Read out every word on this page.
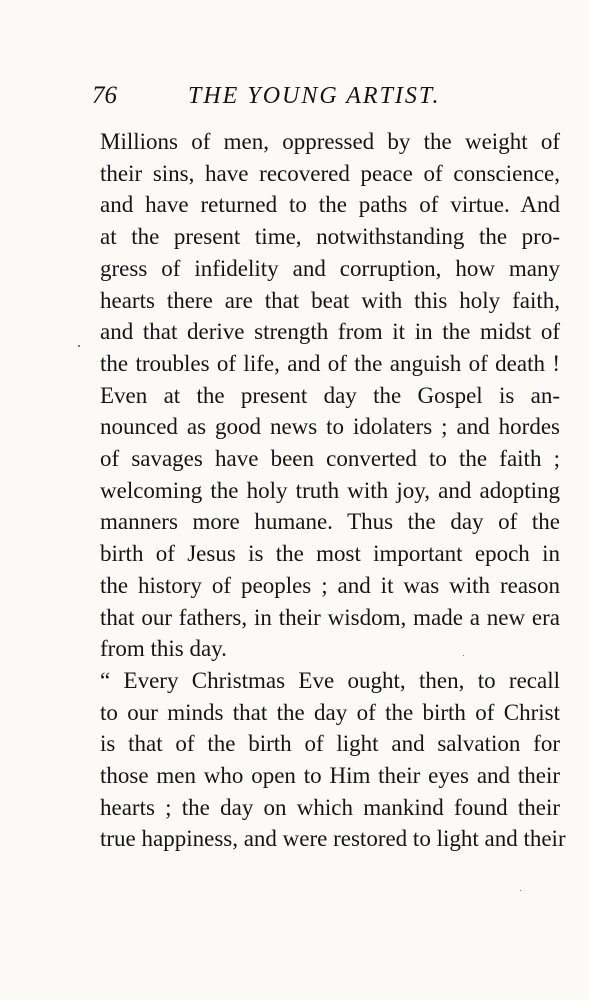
76	THE YOUNG ARTIST.
Millions of men, oppressed by the weight of
their sins, have recovered peace of conscience,
and have returned to the paths of virtue. And
at the present time, notwithstanding the pro-
gress of infidelity and corruption, how many
hearts there are that beat with this holy faith,
and that derive strength from it in the midst of
the troubles of life, and of the anguish of death !
Even at the present day the Gospel is an-
nounced as good news to idolaters ; and hordes
of savages have been converted to the faith ;
welcoming the holy truth with joy, and adopting
manners more humane. Thus the day of the
birth of Jesus is the most important epoch in
the history of peoples ; and it was with reason
that our fathers, in their wisdom, made a new era
from this day.
“ Every Christmas Eve ought, then, to recall
to our minds that the day of the birth of Christ
is that of the birth of light and salvation for
those men who open to Him their eyes and their
hearts ; the day on which mankind found their
true happiness, and were restored to light and their
